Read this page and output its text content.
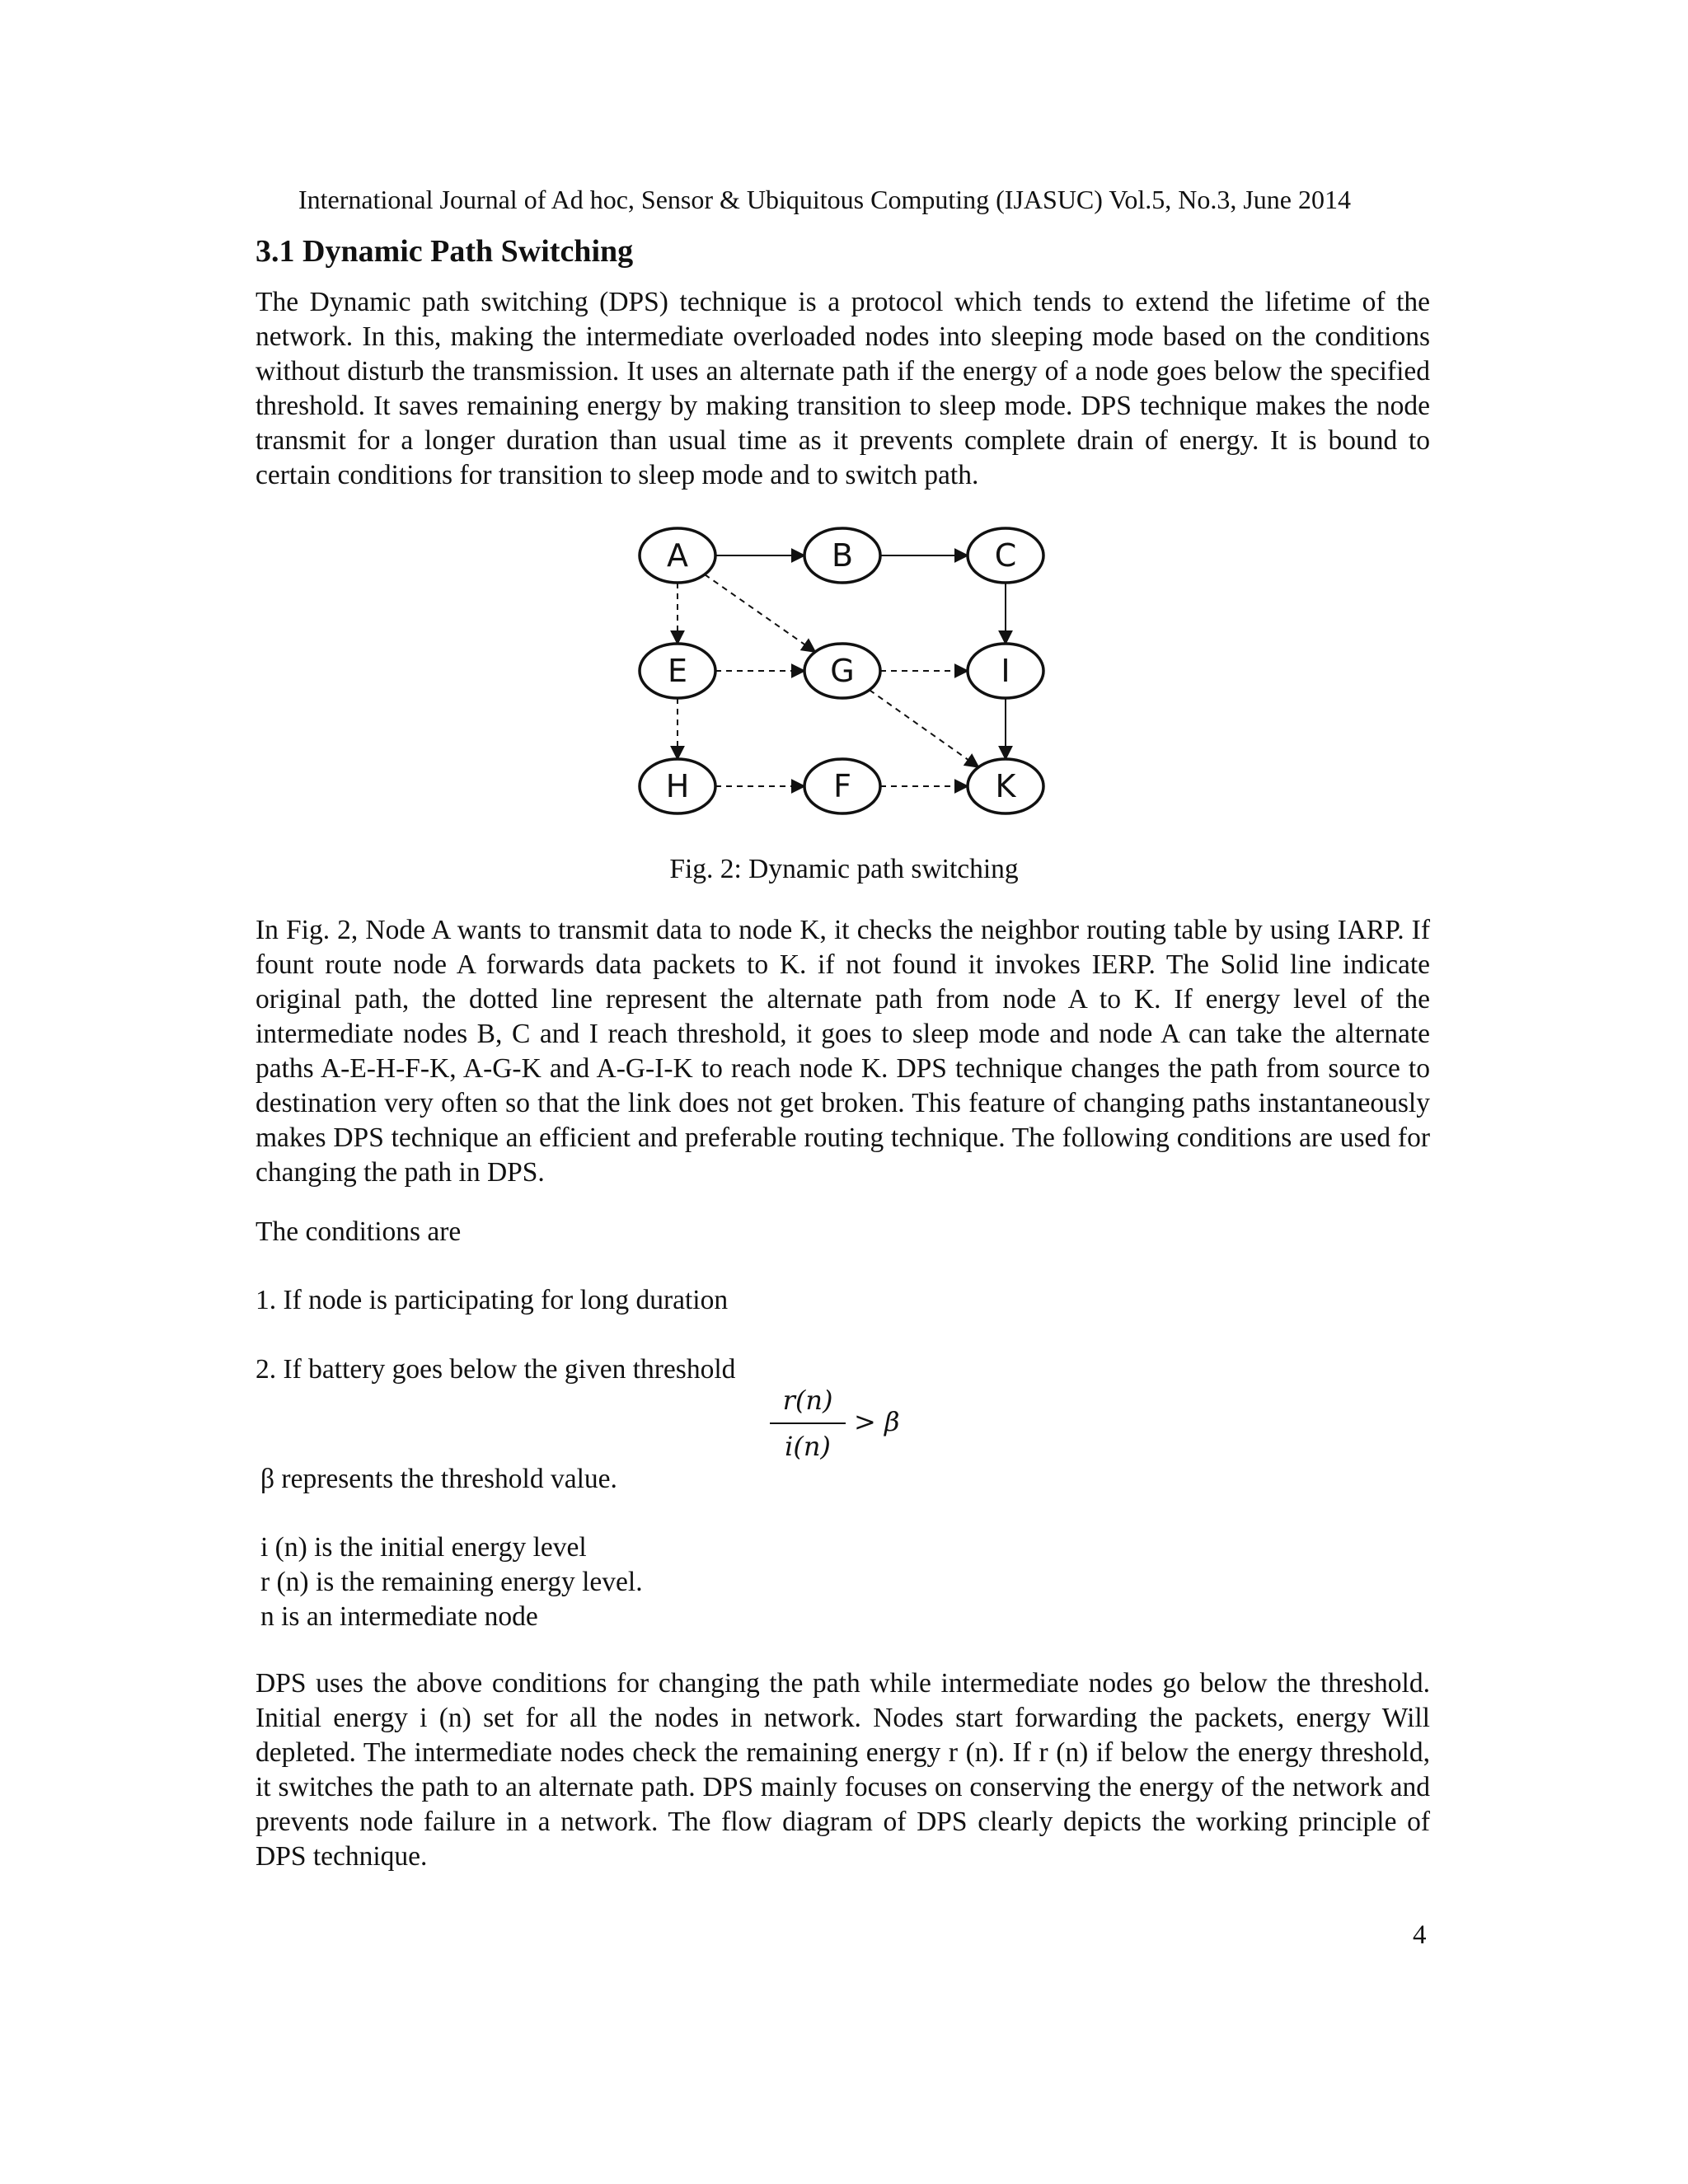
International Journal of Ad hoc, Sensor & Ubiquitous Computing (IJASUC) Vol.5, No.3, June 2014
3.1 Dynamic Path Switching
The Dynamic path switching (DPS) technique is a protocol which tends to extend the lifetime of the network. In this, making the intermediate overloaded nodes into sleeping mode based on the conditions without disturb the transmission. It uses an alternate path if the energy of a node goes below the specified threshold. It saves remaining energy by making transition to sleep mode. DPS technique makes the node transmit for a longer duration than usual time as it prevents complete drain of energy. It is bound to certain conditions for transition to sleep mode and to switch path.
A	B	C
E	G	I
H	F	K
Fig. 2: Dynamic path switching
In Fig. 2, Node A wants to transmit data to node K, it checks the neighbor routing table by using IARP. If fount route node A forwards data packets to K. if not found it invokes IERP. The Solid line indicate original path, the dotted line represent the alternate path from node A to K. If energy level of the intermediate nodes B, C and I reach threshold, it goes to sleep mode and node A can take the alternate paths A-E-H-F-K, A-G-K and A-G-I-K to reach node K. DPS technique changes the path from source to destination very often so that the link does not get broken. This feature of changing paths instantaneously makes DPS technique an efficient and preferable routing technique. The following conditions are used for changing the path in DPS.
The conditions are
1. If node is participating for long duration
2. If battery goes below the given threshold
r(n)
i(n)
> β
β represents the threshold value.
i (n) is the initial energy level
r (n) is the remaining energy level.
n is an intermediate node
DPS uses the above conditions for changing the path while intermediate nodes go below the threshold. Initial energy i (n) set for all the nodes in network. Nodes start forwarding the packets, energy Will depleted. The intermediate nodes check the remaining energy r (n). If r (n) if below the energy threshold, it switches the path to an alternate path. DPS mainly focuses on conserving the energy of the network and prevents node failure in a network. The flow diagram of DPS clearly depicts the working principle of DPS technique.
4
